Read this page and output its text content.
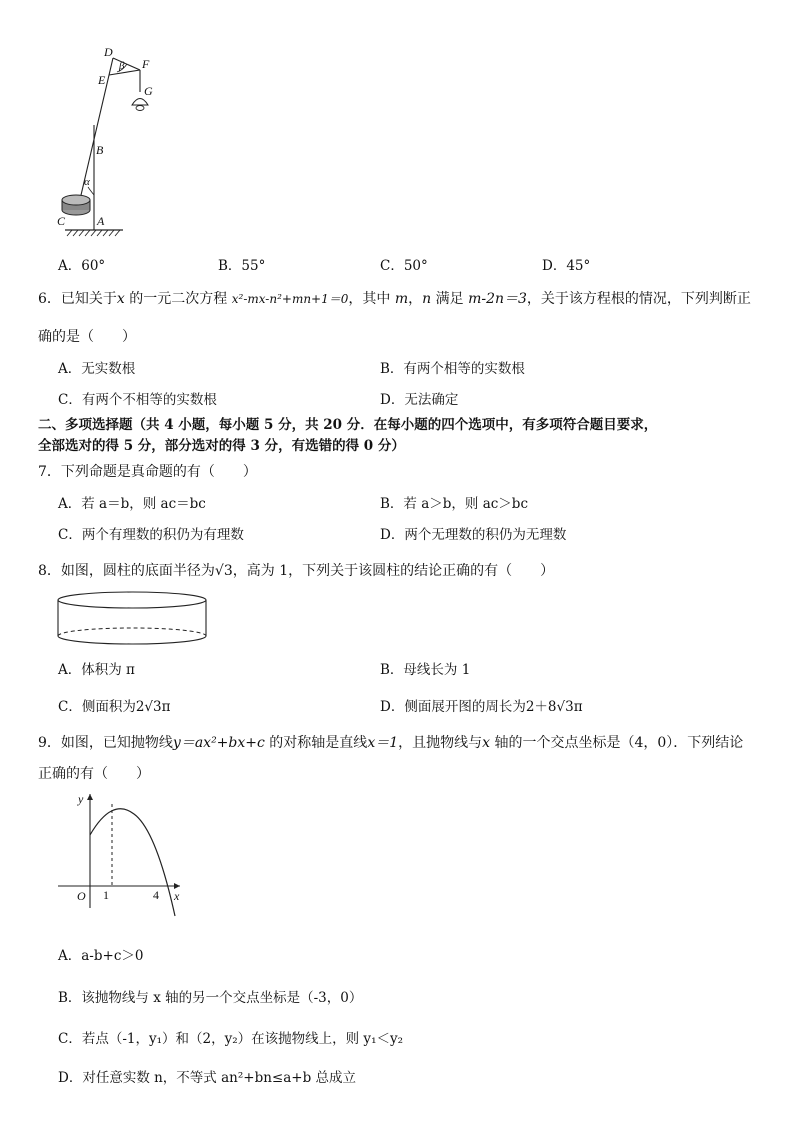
D
E
β F
G
B
α
C	A
A．60°	B．55°	C．50°	D．45°
6．已知关于x 的一元二次方程 x²-mx-n²+mn+1＝0，其中 m，n 满足 m-2n＝3，关于该方程根的情况，下列判断正
确的是（　　）
A．无实数根	B．有两个相等的实数根
C．有两个不相等的实数根	D．无法确定
二、多项选择题（共 4 小题，每小题 5 分，共 20 分．在每小题的四个选项中，有多项符合题目要求，
全部选对的得 5 分，部分选对的得 3 分，有选错的得 0 分）
7．下列命题是真命题的有（　　）
A．若 a＝b，则 ac＝bc	B．若 a＞b，则 ac＞bc
C．两个有理数的积仍为有理数	D．两个无理数的积仍为无理数
8．如图，圆柱的底面半径为√3，高为 1，下列关于该圆柱的结论正确的有（　　）
A．体积为 π	B．母线长为 1
C．侧面积为2√3π	D．侧面展开图的周长为2＋8√3π
9．如图，已知抛物线y＝ax²+bx+c 的对称轴是直线x＝1，且抛物线与x 轴的一个交点坐标是（4，0）．下列结论
正确的有（　　）
y
O 1	4 x
A．a-b+c＞0
B．该抛物线与 x 轴的另一个交点坐标是（-3，0）
C．若点（-1，y₁）和（2，y₂）在该抛物线上，则 y₁＜y₂
D．对任意实数 n，不等式 an²+bn≤a+b 总成立
